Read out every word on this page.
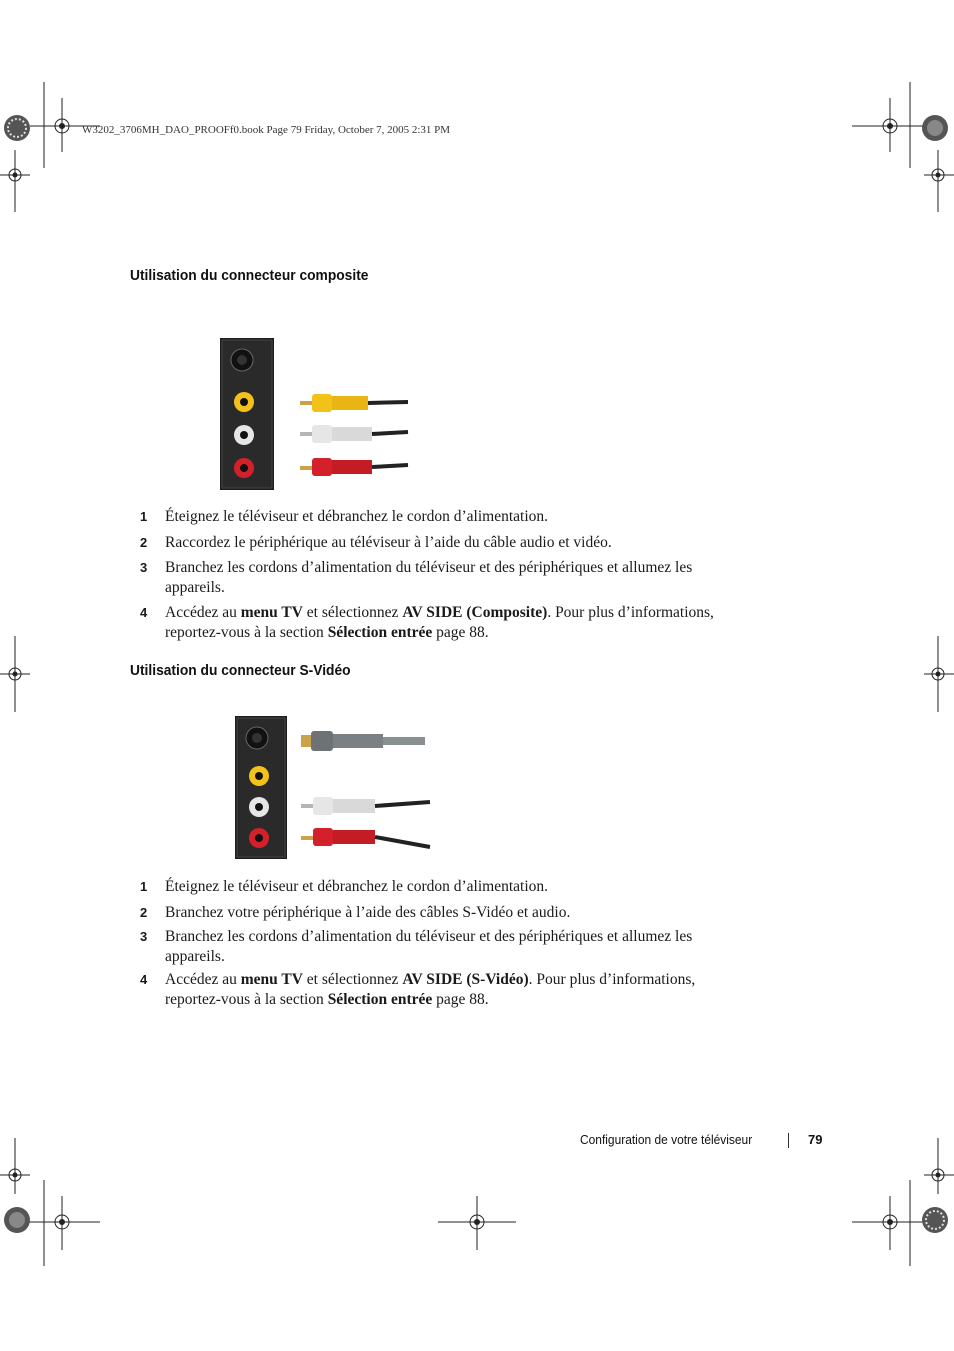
W3202_3706MH_DAO_PROOFf0.book Page 79 Friday, October 7, 2005 2:31 PM
Utilisation du connecteur composite
1 Éteignez le téléviseur et débranchez le cordon d’alimentation.
2 Raccordez le périphérique au téléviseur à l’aide du câble audio et vidéo.
3 Branchez les cordons d’alimentation du téléviseur et des périphériques et allumez les appareils.
4 Accédez au menu TV et sélectionnez AV SIDE (Composite). Pour plus d’informations, reportez-vous à la section Sélection entrée page 88.
Utilisation du connecteur S-Vidéo
1 Éteignez le téléviseur et débranchez le cordon d’alimentation.
2 Branchez votre périphérique à l’aide des câbles S-Vidéo et audio.
3 Branchez les cordons d’alimentation du téléviseur et des périphériques et allumez les appareils.
4 Accédez au menu TV et sélectionnez AV SIDE (S-Vidéo). Pour plus d’informations, reportez-vous à la section Sélection entrée page 88.
Configuration de votre téléviseur	79
